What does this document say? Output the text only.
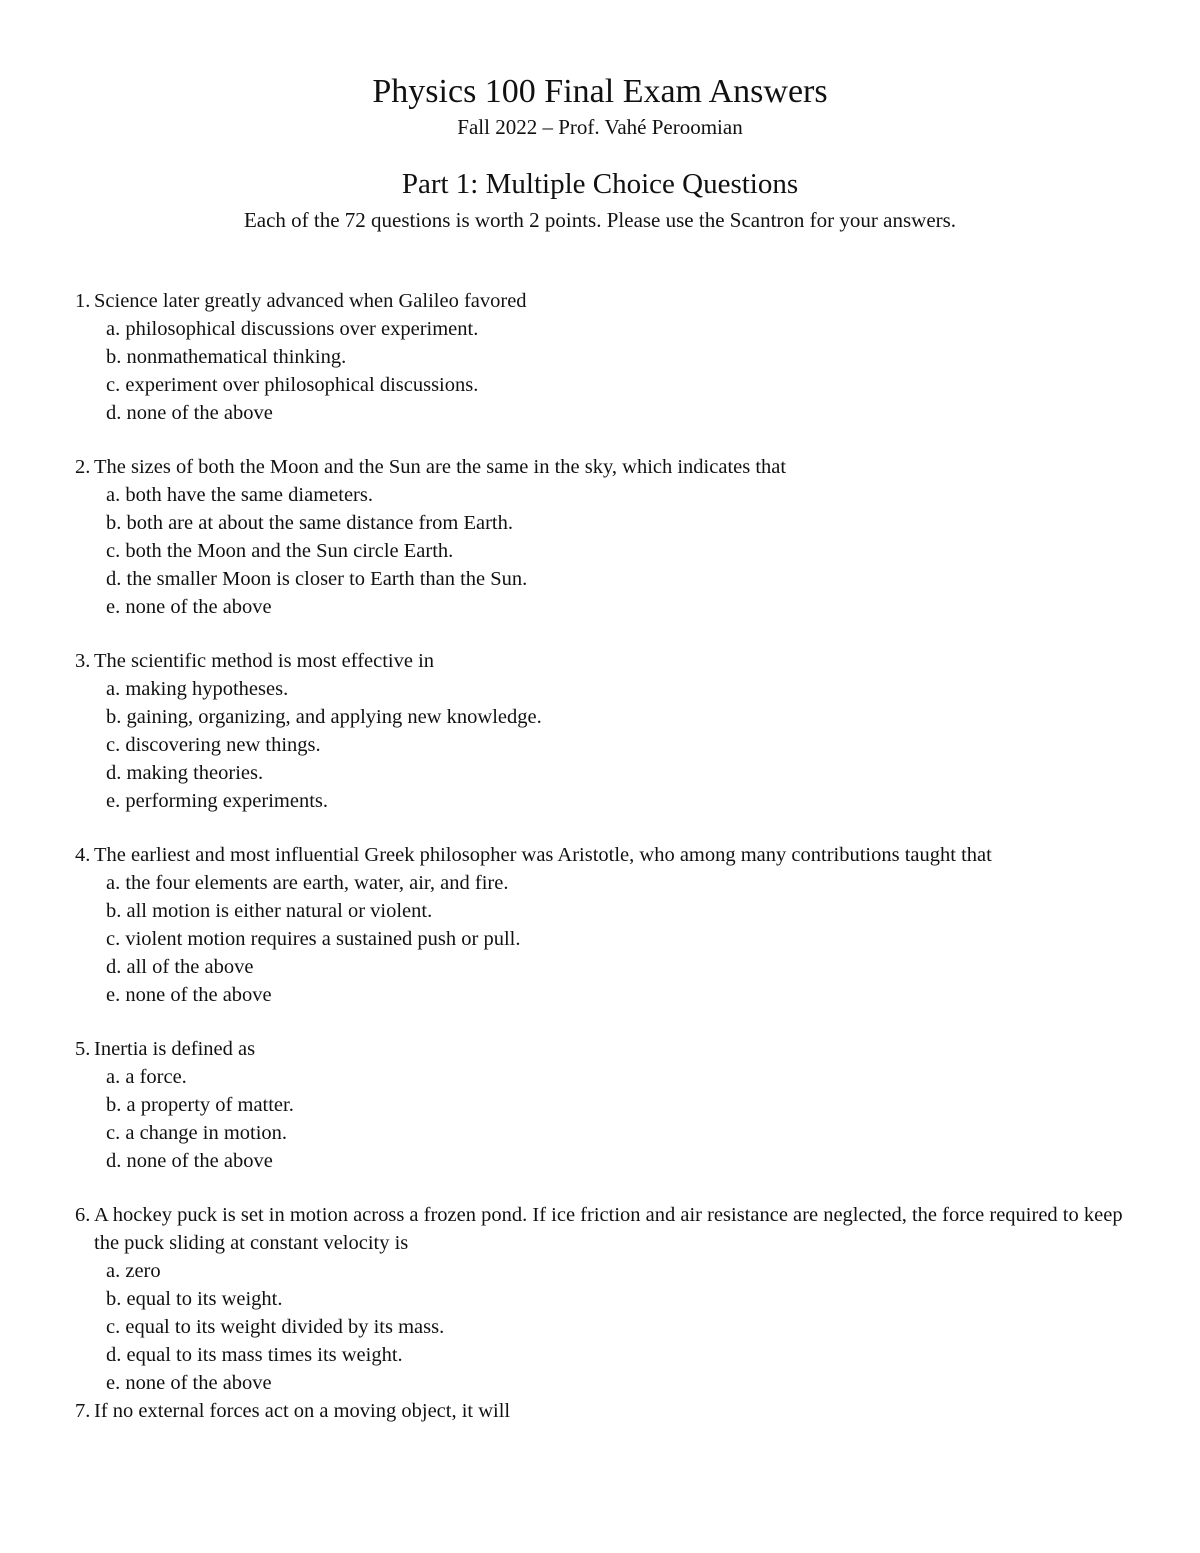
Physics 100 Final Exam Answers
Fall 2022 – Prof. Vahé Peroomian
Part 1: Multiple Choice Questions
Each of the 72 questions is worth 2 points. Please use the Scantron for your answers.
1. Science later greatly advanced when Galileo favored
a. philosophical discussions over experiment.
b. nonmathematical thinking.
c. experiment over philosophical discussions.
d. none of the above
2. The sizes of both the Moon and the Sun are the same in the sky, which indicates that
a. both have the same diameters.
b. both are at about the same distance from Earth.
c. both the Moon and the Sun circle Earth.
d. the smaller Moon is closer to Earth than the Sun.
e. none of the above
3. The scientific method is most effective in
a. making hypotheses.
b. gaining, organizing, and applying new knowledge.
c. discovering new things.
d. making theories.
e. performing experiments.
4. The earliest and most influential Greek philosopher was Aristotle, who among many contributions taught that
a. the four elements are earth, water, air, and fire.
b. all motion is either natural or violent.
c. violent motion requires a sustained push or pull.
d. all of the above
e. none of the above
5. Inertia is defined as
a. a force.
b. a property of matter.
c. a change in motion.
d. none of the above
6. A hockey puck is set in motion across a frozen pond. If ice friction and air resistance are neglected, the force required to keep the puck sliding at constant velocity is
a. zero
b. equal to its weight.
c. equal to its weight divided by its mass.
d. equal to its mass times its weight.
e. none of the above
7. If no external forces act on a moving object, it will
